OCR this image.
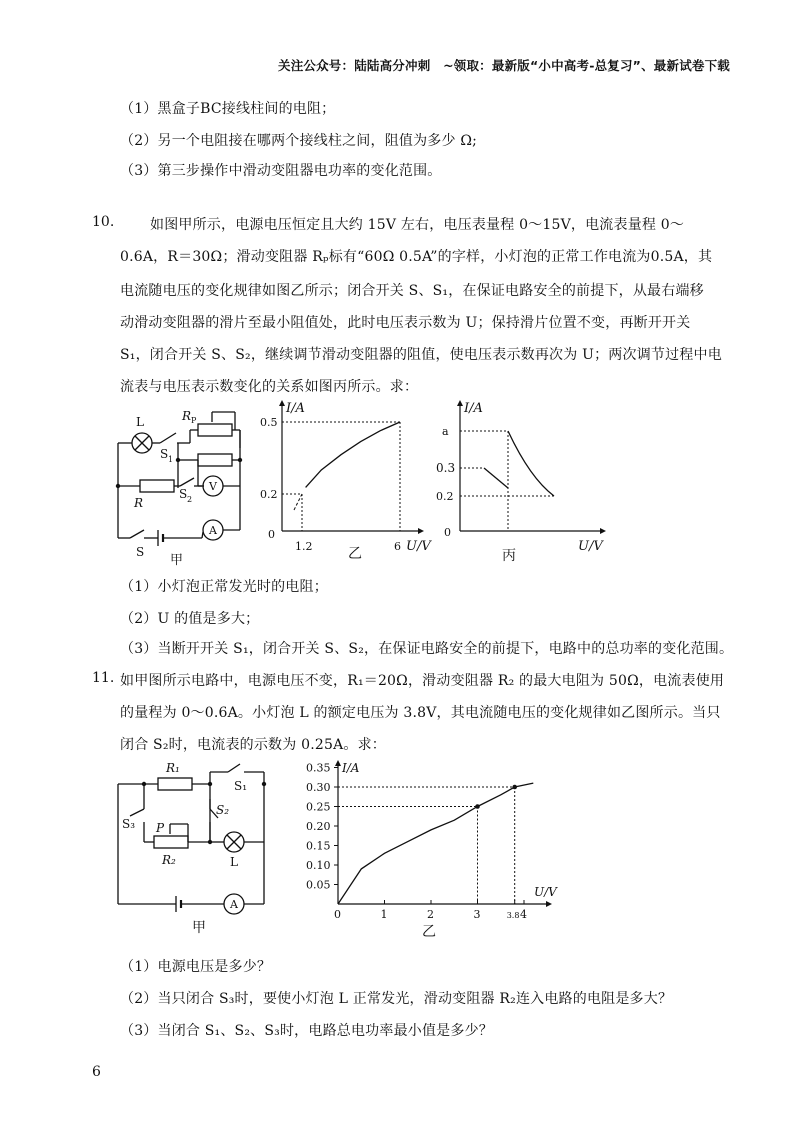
关注公众号：陆陆高分冲刺　~领取：最新版“小中高考-总复习”、最新试卷下载
（1）黑盒子BC接线柱间的电阻；
（2）另一个电阻接在哪两个接线柱之间，阻值为多少 Ω;
（3）第三步操作中滑动变阻器电功率的变化范围。
10.	如图甲所示，电源电压恒定且大约 15V 左右，电压表量程 0～15V，电流表量程 0～
0.6A，R＝30Ω；滑动变阻器 Rₚ标有“60Ω 0.5A”的字样，小灯泡的正常工作电流为0.5A，其
电流随电压的变化规律如图乙所示；闭合开关 S、S₁，在保证电路安全的前提下，从最右端移
动滑动变阻器的滑片至最小阻值处，此时电压表示数为 U；保持滑片位置不变，再断开开关
S₁，闭合开关 S、S₂，继续调节滑动变阻器的阻值，使电压表示数再次为 U；两次调节过程中电
流表与电压表示数变化的关系如图丙所示。求：
L	R P
S 1
S 2
R
S
V
A
甲
I/A
0.5
0.2
0
1.2	6 U/V
乙
I/A
a
0.3
0.2
0
U/V
丙
（1）小灯泡正常发光时的电阻；
（2）U 的值是多大；
（3）当断开开关 S₁，闭合开关 S、S₂，在保证电路安全的前提下，电路中的总功率的变化范围。
11. 如甲图所示电路中，电源电压不变，R₁＝20Ω，滑动变阻器 R₂ 的最大电阻为 50Ω，电流表使用
的量程为 0～0.6A。小灯泡 L 的额定电压为 3.8V，其电流随电压的变化规律如乙图所示。当只
闭合 S₂时，电流表的示数为 0.25A。求：
R₁
S₁
S₂
S₃ P
R₂	L
A
甲
0.05
0.10
0.15
0.20
0.25
0.30
0.35
0	1	2	3	3.8 4
I/A
U/V
乙
（1）电源电压是多少？
（2）当只闭合 S₃时，要使小灯泡 L 正常发光，滑动变阻器 R₂连入电路的电阻是多大？
（3）当闭合 S₁、S₂、S₃时，电路总电功率最小值是多少？
6
